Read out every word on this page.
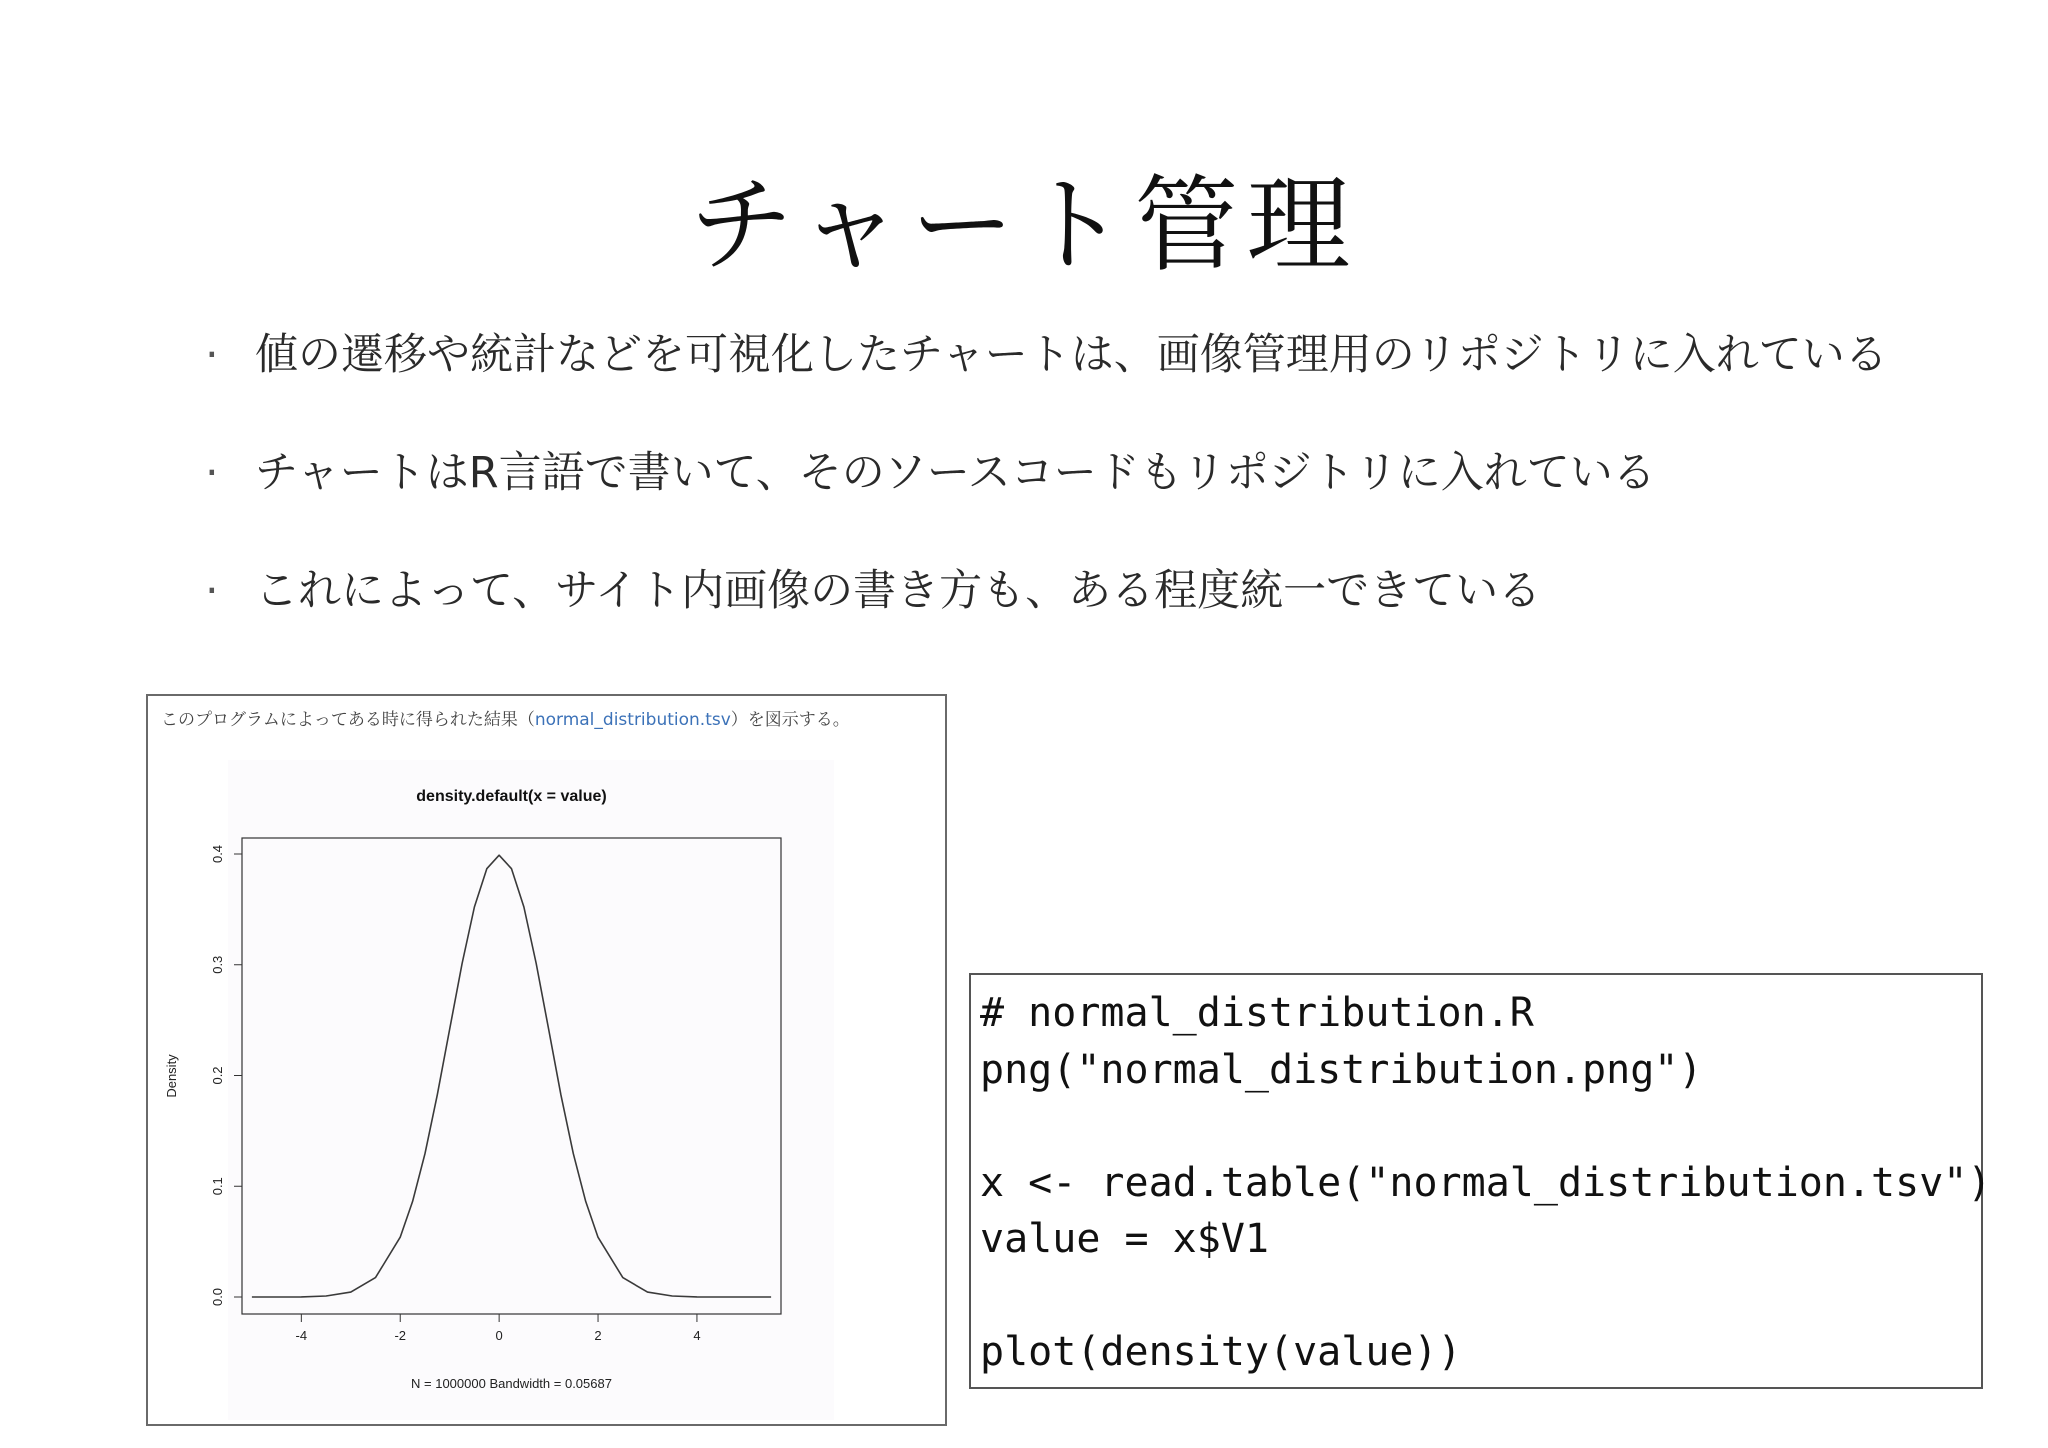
チャート管理
· 値の遷移や統計などを可視化したチャートは、画像管理用のリポジトリに入れている
· チャートはR言語で書いて、そのソースコードもリポジトリに入れている
· これによって、サイト内画像の書き方も、ある程度統一できている
このプログラムによってある時に得られた結果（normal_distribution.tsv）を図示する。
density.default(x = value)
-4	-2	0	2	4
0.0
0.1
0.2
0.3
0.4
N = 1000000 Bandwidth = 0.05687
Density
# normal_distribution.R
png("normal_distribution.png")

x <- read.table("normal_distribution.tsv")
value = x$V1

plot(density(value))
